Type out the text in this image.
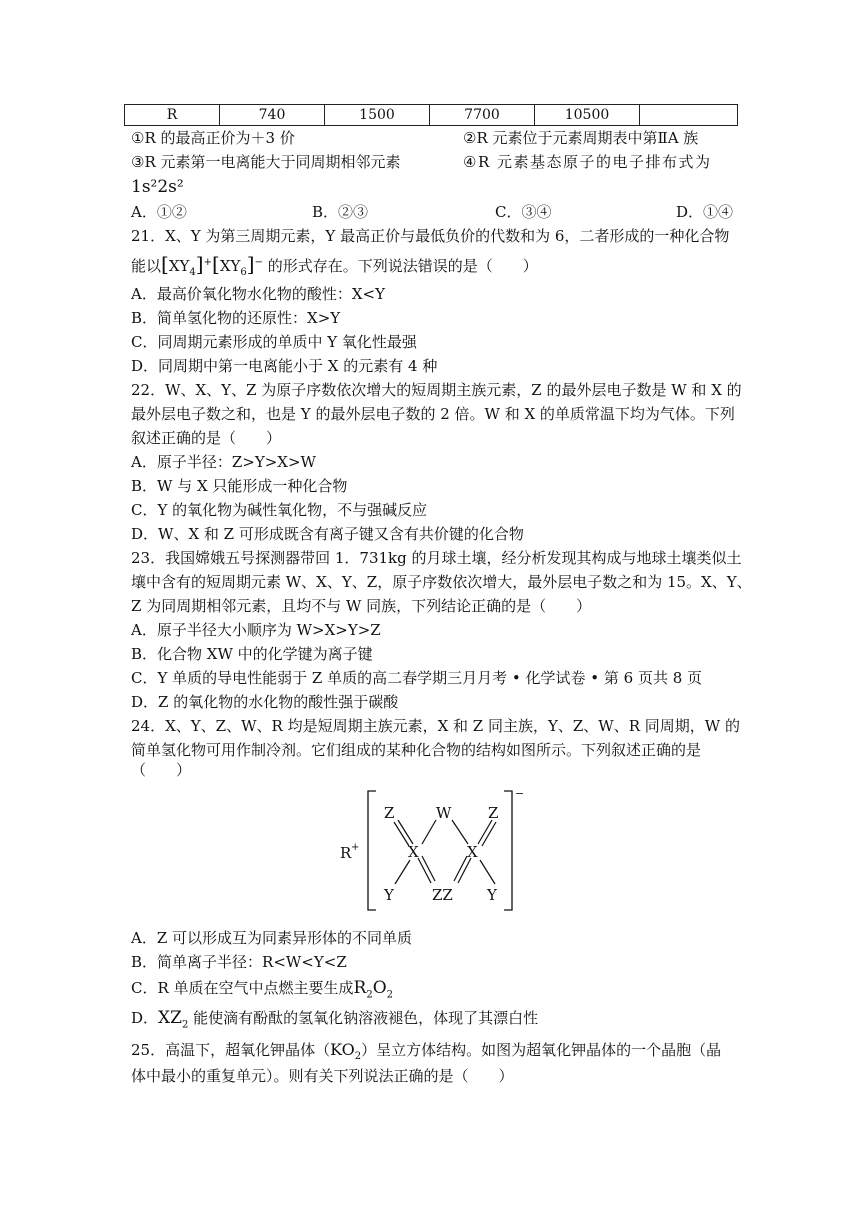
R	740	1500	7700	10500	
①R 的最高正价为＋3 价	②R 元素位于元素周期表中第ⅡA 族
③R 元素第一电离能大于同周期相邻元素	④R 元素基态原子的电子排布式为
1s²2s²
A．①②	B．②③	C．③④	D．①④
21．X、Y 为第三周期元素，Y 最高正价与最低负价的代数和为 6，二者形成的一种化合物
能以$[XY_4]^+[XY_6]^-$ 的形式存在。下列说法错误的是（　　）
A．最高价氧化物水化物的酸性：X<Y
B．简单氢化物的还原性：X>Y
C．同周期元素形成的单质中 Y 氧化性最强
D．同周期中第一电离能小于 X 的元素有 4 种
22．W、X、Y、Z 为原子序数依次增大的短周期主族元素，Z 的最外层电子数是 W 和 X 的
最外层电子数之和，也是 Y 的最外层电子数的 2 倍。W 和 X 的单质常温下均为气体。下列
叙述正确的是（　　）
A．原子半径：Z>Y>X>W
B．W 与 X 只能形成一种化合物
C．Y 的氧化物为碱性氧化物，不与强碱反应
D．W、X 和 Z 可形成既含有离子键又含有共价键的化合物
23．我国嫦娥五号探测器带回 1．731kg 的月球土壤，经分析发现其构成与地球土壤类似土
壤中含有的短周期元素 W、X、Y、Z，原子序数依次增大，最外层电子数之和为 15。X、Y、
Z 为同周期相邻元素，且均不与 W 同族，下列结论正确的是（　　）
A．原子半径大小顺序为 W>X>Y>Z
B．化合物 XW 中的化学键为离子键
C．Y 单质的导电性能弱于 Z 单质的高二春学期三月月考 • 化学试卷 • 第 6 页共 8 页
D．Z 的氧化物的水化物的酸性强于碳酸
24．X、Y、Z、W、R 均是短周期主族元素，X 和 Z 同主族，Y、Z、W、R 同周期，W 的
简单氢化物可用作制冷剂。它们组成的某种化合物的结构如图所示。下列叙述正确的是
（　　）
Z	W Z
X	X
Y	ZZ Y
R +
−
A．Z 可以形成互为同素异形体的不同单质
B．简单离子半径：R<W<Y<Z
C．R 单质在空气中点燃主要生成$R_2O_2$
D．$XZ_2$ 能使滴有酚酞的氢氧化钠溶液褪色，体现了其漂白性
25．高温下，超氧化钾晶体$(KO_2)$呈立方体结构。如图为超氧化钾晶体的一个晶胞（晶
体中最小的重复单元）。则有关下列说法正确的是（　　）
